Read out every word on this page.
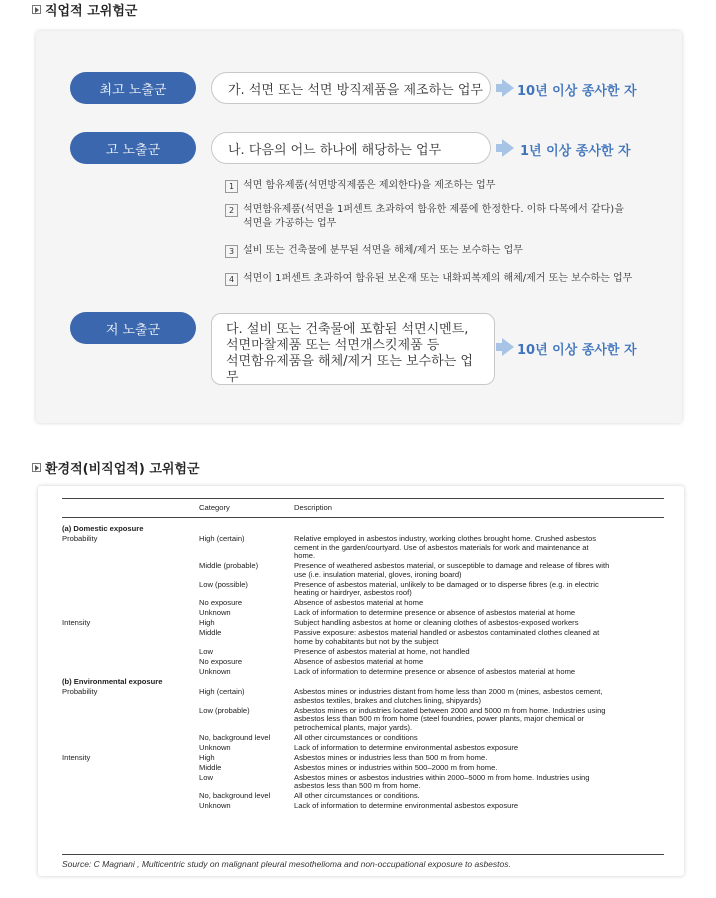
직업적 고위험군
최고 노출군	가. 석면 또는 석면 방직제품을 제조하는 업무	10년 이상 종사한 자
고 노출군	나. 다음의 어느 하나에 해당하는 업무	1년 이상 종사한 자
1 석면 함유제품(석면방직제품은 제외한다)을 제조하는 업무
2 석면함유제품(석면을 1퍼센트 초과하여 함유한 제품에 한정한다. 이하 다목에서 같다)을
석면을 가공하는 업무
3 설비 또는 건축물에 분무된 석면을 해체/제거 또는 보수하는 업무
4 석면이 1퍼센트 초과하여 함유된 보온재 또는 내화피복제의 해체/제거 또는 보수하는 업무
저 노출군	다. 설비 또는 건축물에 포함된 석면시멘트,
석면마찰제품 또는 석면개스킷제품 등
석면함유제품을 해체/제거 또는 보수하는 업무
10년 이상 종사한 자
환경적(비직업적) 고위험군
Category	Description
(a) Domestic exposure
Probability	High (certain)	Relative employed in asbestos industry, working clothes brought home. Crushed asbestos
cement in the garden/courtyard. Use of asbestos materials for work and maintenance at
home.
Middle (probable)	Presence of weathered asbestos material, or susceptible to damage and release of fibres with
use (i.e. insulation material, gloves, ironing board)
Low (possible)	Presence of asbestos material, unlikely to be damaged or to disperse fibres (e.g. in electric
heating or hairdryer, asbestos roof)
No exposure	Absence of asbestos material at home
Unknown	Lack of information to determine presence or absence of asbestos material at home
Intensity	High	Subject handling asbestos at home or cleaning clothes of asbestos-exposed workers
Middle	Passive exposure: asbestos material handled or asbestos contaminated clothes cleaned at
home by cohabitants but not by the subject
Low	Presence of asbestos material at home, not handled
No exposure	Absence of asbestos material at home
Unknown	Lack of information to determine presence or absence of asbestos material at home
(b) Environmental exposure
Probability	High (certain)	Asbestos mines or industries distant from home less than 2000 m (mines, asbestos cement,
asbestos textiles, brakes and clutches lining, shipyards)
Low (probable)	Asbestos mines or industries located between 2000 and 5000 m from home. Industries using
asbestos less than 500 m from home (steel foundries, power plants, major chemical or
petrochemical plants, major yards).
No, background level	All other circumstances or conditions
Unknown	Lack of information to determine environmental asbestos exposure
Intensity	High	Asbestos mines or industries less than 500 m from home.
Middle	Asbestos mines or industries within 500–2000 m from home.
Low	Asbestos mines or asbestos industries within 2000–5000 m from home. Industries using
asbestos less than 500 m from home.
No, background level	All other circumstances or conditions.
Unknown	Lack of information to determine environmental asbestos exposure
Source: C Magnani , Multicentric study on malignant pleural mesothelioma and non-occupational exposure to asbestos.
